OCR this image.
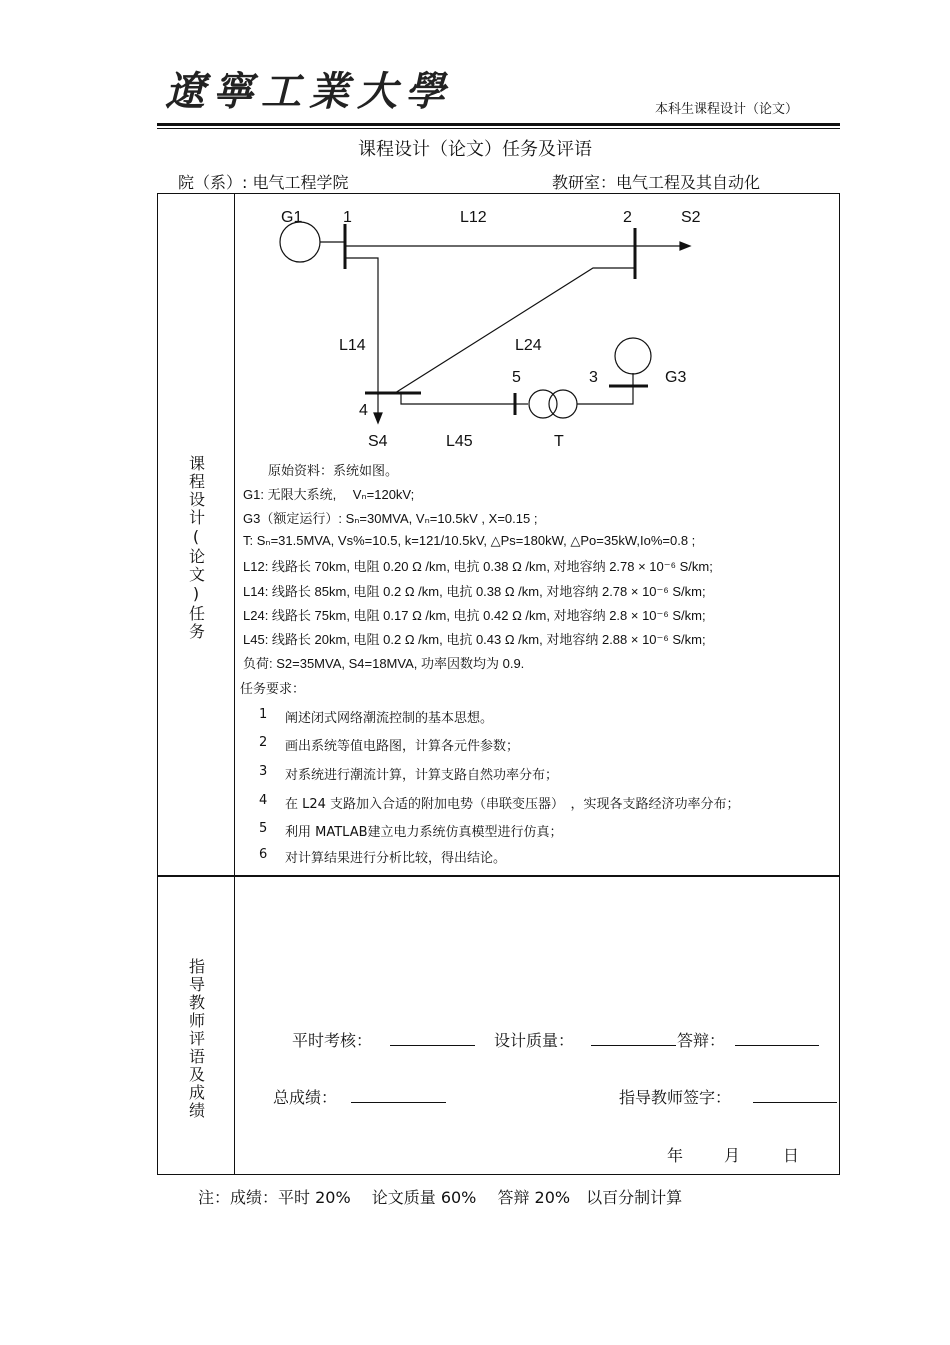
遼寧工業大學	本科生课程设计（论文）
课程设计（论文）任务及评语
院（系）: 电气工程学院	教研室：电气工程及其自动化
课程设计(论文)任务
指导教师评语及成绩
G1	1	L12	2	S2
L14	L24
5	3	G3
4
S4	L45	T
原始资料：系统如图。
G1: 无限大系统,　 Vₙ=120kV;
G3（额定运行）: Sₙ=30MVA, Vₙ=10.5kV , X=0.15 ;
T: Sₙ=31.5MVA, Vs%=10.5, k=121/10.5kV, △Ps=180kW, △Po=35kW,Io%=0.8 ;
L12: 线路长 70km, 电阻 0.20 Ω /km, 电抗 0.38 Ω /km, 对地容纳 2.78 × 10⁻⁶ S/km;
L14: 线路长 85km, 电阻 0.2 Ω /km, 电抗 0.38 Ω /km, 对地容纳 2.78 × 10⁻⁶ S/km;
L24: 线路长 75km, 电阻 0.17 Ω /km, 电抗 0.42 Ω /km, 对地容纳 2.8 × 10⁻⁶ S/km;
L45: 线路长 20km, 电阻 0.2 Ω /km, 电抗 0.43 Ω /km, 对地容纳 2.88 × 10⁻⁶ S/km;
负荷: S2=35MVA, S4=18MVA, 功率因数均为 0.9.
任务要求：
1 阐述闭式网络潮流控制的基本思想。
2 画出系统等值电路图，计算各元件参数；
3 对系统进行潮流计算，计算支路自然功率分布；
4 在 L24 支路加入合适的附加电势（串联变压器）　，实现各支路经济功率分布；
5 利用 MATLAB建立电力系统仿真模型进行仿真；
6 对计算结果进行分析比较，得出结论。
平时考核：	设计质量：	答辩：
总成绩：	指导教师签字：
年	月	日
注：成绩：平时 20%　 论文质量 60%　 答辩 20%　以百分制计算
